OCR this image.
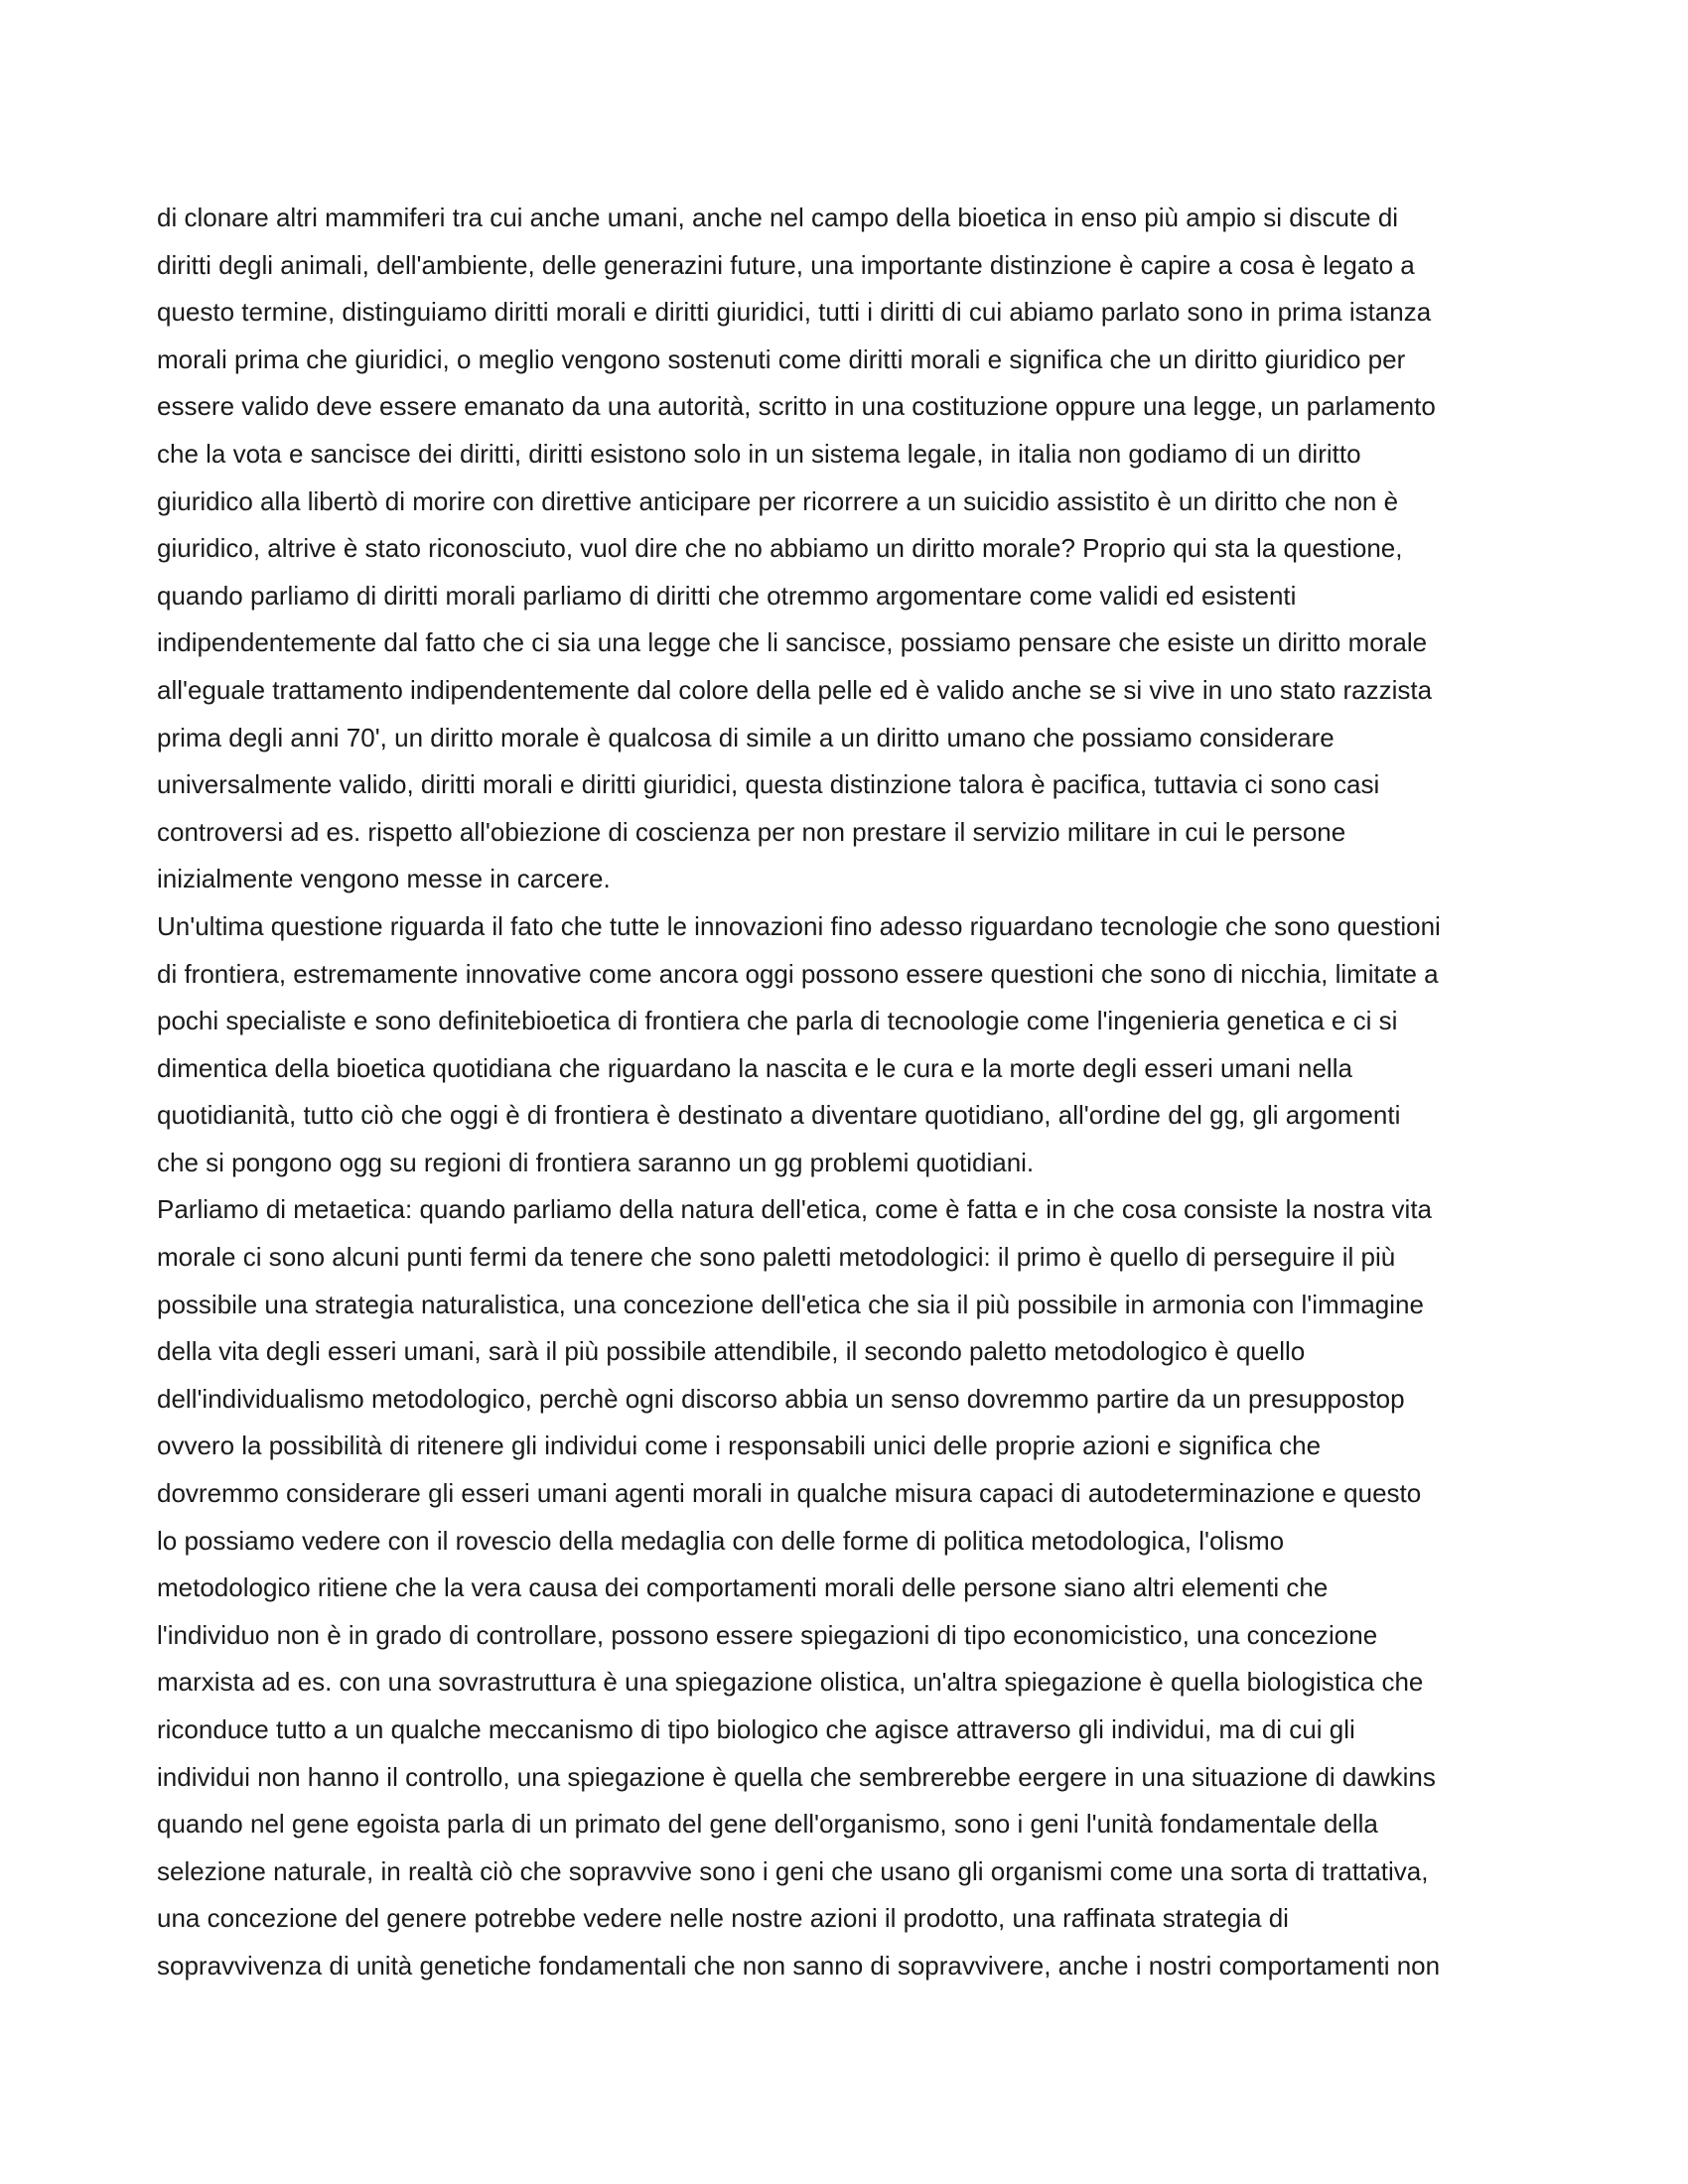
di clonare altri mammiferi tra cui anche umani, anche nel campo della bioetica in enso più ampio si discute di
diritti degli animali, dell'ambiente, delle generazini future, una importante distinzione è capire a cosa è legato a
questo termine, distinguiamo diritti morali e diritti giuridici, tutti i diritti di cui abiamo parlato sono in prima istanza
morali prima che giuridici, o meglio vengono sostenuti come diritti morali e significa che un diritto giuridico per
essere valido deve essere emanato da una autorità, scritto in una costituzione oppure una legge, un parlamento
che la vota e sancisce dei diritti, diritti esistono solo in un sistema legale, in italia non godiamo di un diritto
giuridico alla libertò di morire con direttive anticipare per ricorrere a un suicidio assistito è un diritto che non è
giuridico, altrive è stato riconosciuto, vuol dire che no abbiamo un diritto morale? Proprio qui sta la questione,
quando parliamo di diritti morali parliamo di diritti che otremmo argomentare come validi ed esistenti
indipendentemente dal fatto che ci sia una legge che li sancisce, possiamo pensare che esiste un diritto morale
all'eguale trattamento indipendentemente dal colore della pelle ed è valido anche se si vive in uno stato razzista
prima degli anni 70', un diritto morale è qualcosa di simile a un diritto umano che possiamo considerare
universalmente valido, diritti morali e diritti giuridici, questa distinzione talora è pacifica, tuttavia ci sono casi
controversi ad es. rispetto all'obiezione di coscienza per non prestare il servizio militare in cui le persone
inizialmente vengono messe in carcere.
Un'ultima questione riguarda il fato che tutte le innovazioni fino adesso riguardano tecnologie che sono questioni
di frontiera, estremamente innovative come ancora oggi possono essere questioni che sono di nicchia, limitate a
pochi specialiste e sono definitebioetica di frontiera che parla di tecnoologie come l'ingenieria genetica e ci si
dimentica della bioetica quotidiana che riguardano la nascita e le cura e la morte degli esseri umani nella
quotidianità, tutto ciò che oggi è di frontiera è destinato a diventare quotidiano, all'ordine del gg, gli argomenti
che si pongono ogg su regioni di frontiera saranno un gg problemi quotidiani.
Parliamo di metaetica: quando parliamo della natura dell'etica, come è fatta e in che cosa consiste la nostra vita
morale ci sono alcuni punti fermi da tenere che sono paletti metodologici: il primo è quello di perseguire il più
possibile una strategia naturalistica, una concezione dell'etica che sia il più possibile in armonia con l'immagine
della vita degli esseri umani, sarà il più possibile attendibile, il secondo paletto metodologico è quello
dell'individualismo metodologico, perchè ogni discorso abbia un senso dovremmo partire da un presuppostop
ovvero la possibilità di ritenere gli individui come i responsabili unici delle proprie azioni e significa che
dovremmo considerare gli esseri umani agenti morali in qualche misura capaci di autodeterminazione e questo
lo possiamo vedere con il rovescio della medaglia con delle forme di politica metodologica, l'olismo
metodologico ritiene che la vera causa dei comportamenti morali delle persone siano altri elementi che
l'individuo non è in grado di controllare, possono essere spiegazioni di tipo economicistico, una concezione
marxista ad es. con una sovrastruttura è una spiegazione olistica, un'altra spiegazione è quella biologistica che
riconduce tutto a un qualche meccanismo di tipo biologico che agisce attraverso gli individui, ma di cui gli
individui non hanno il controllo, una spiegazione è quella che sembrerebbe eergere in una situazione di dawkins
quando nel gene egoista parla di un primato del gene dell'organismo, sono i geni l'unità fondamentale della
selezione naturale, in realtà ciò che sopravvive sono i geni che usano gli organismi come una sorta di trattativa,
una concezione del genere potrebbe vedere nelle nostre azioni il prodotto, una raffinata strategia di
sopravvivenza di unità genetiche fondamentali che non sanno di sopravvivere, anche i nostri comportamenti non
